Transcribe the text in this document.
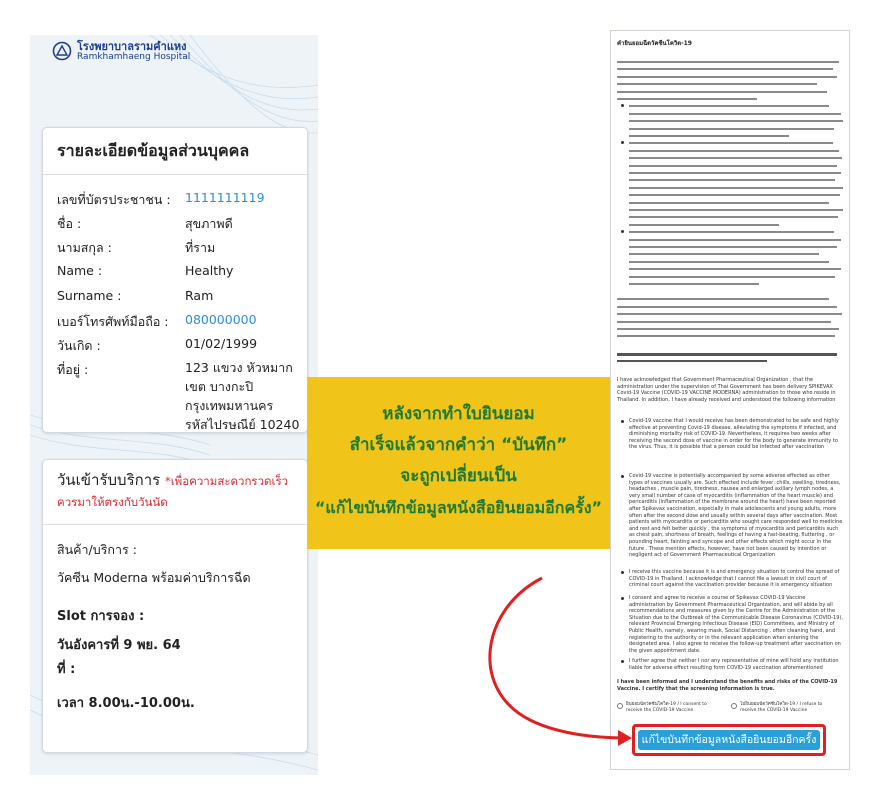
โรงพยาบาลรามคำแหง
Ramkhamhaeng Hospital
รายละเอียดข้อมูลส่วนบุคคล
เลขที่บัตรประชาชน : 1111111119
ชื่อ :	สุขภาพดี
นามสกุล :	ที่ราม
Name :	Healthy
Surname :	Ram
เบอร์โทรศัพท์มือถือ : 080000000
วันเกิด :	01/02/1999
ที่อยู่ :	123 แขวง หัวหมาก
เขต บางกะปิ
กรุงเทพมหานคร
รหัสไปรษณีย์ 10240
วันเข้ารับบริการ *เพื่อความสะดวกรวดเร็วควรมาให้ตรงกับวันนัด
สินค้า/บริการ :
วัคซีน Moderna พร้อมค่าบริการฉีด
Slot การจอง :
วันอังคารที่ 9 พย. 64
ที่ :
เวลา 8.00น.-10.00น.
หลังจากทำใบยินยอม
สำเร็จแล้วจากคำว่า “บันทึก”
จะถูกเปลี่ยนเป็น
“แก้ไขบันทึกข้อมูลหนังสือยินยอมอีกครั้ง”
คำยินยอมฉีดวัคซีนโควิด-19
I have acknowledged that Government Pharmaceutical Organization , that the administration under the supervision of Thai Government has been delivery SPIKEVAX Covid-19 Vaccine (COVID-19 VACCINE MODERNA) administration to those who reside in Thailand. In addition, I have already received and understood the following information
Covid-19 vaccine that I would receive has been demonstrated to be safe and highly effective at preventing Covid-19 disease, alleviating the symptoms if infected, and diminishing mortality risk of COVID-19. Nevertheless, it requires two weeks after receiving the second dose of vaccine in order for the body to generate immunity to the virus. Thus, it is possible that a person could be infected after vaccination
Covid-19 vaccine is potentially accompanied by some adverse effected as other types of vaccines usually are. Such effected include fever, chills, swelling, tiredness, headaches , muscle pain, tiredness, nausea and enlarged axillary lymph nodes, a very small number of case of myocarditis (inflammation of the heart muscle) and pericarditis (inflammation of the membrane around the heart) have been reported after Spikevax vaccination, especially in male adolescents and young adults, more often after the second dose and usually within several days after vaccination. Most patients with myocarditis or pericarditis who sought care responded well to medicine and rest and felt better quickly , the symptoms of myocarditis and pericarditis such as chest pain, shortness of breath, feelings of having a fast-beating, fluttering , or pounding heart, fainting and syncope and other effects which might occur in the future . These mention effects, however, have not been caused by intention or negligent act of Government Pharmaceutical Organization
I receive this vaccine because it is and emergency situation to control the spread of COVID-19 in Thailand. I acknowledge that I cannot file a lawsuit in civil court of criminal court against the vaccination provider because it is emergency situation
I consent and agree to receive a course of Spikevax COVID-19 Vaccine administration by Government Pharmaceutical Organization, and will abide by all recommendations and measures given by the Centre for the Administration of the Situation due to the Outbreak of the Communicable Disease Coronavirus (COVID-19), relevant Provincial Emerging Infectious Disease (EID) Committees, and Ministry of Public Health, namely, wearing mask, Social Distancing , often cleaning hand, and registering to the authority or in the relevant application when entering the designated area. I also agree to receive the follow-up treatment after vaccination on the given appointment date.
I further agree that neither I nor any representative of mine will hold any institution liable for adverse effect resulting form COVID-19 vaccination aforementioned
I have been informed and I understand the benefits and risks of the COVID-19 Vaccine. I certify that the screening information is true.
ยินยอมฉีดวัคซีนโควิด-19 / I consent to receive the COVID-19 Vaccine
ไม่ยินยอมฉีดวัคซีนโควิด-19 / I refuse to receive the COVID-19 Vaccine
แก้ไขบันทึกข้อมูลหนังสือยินยอมอีกครั้ง
